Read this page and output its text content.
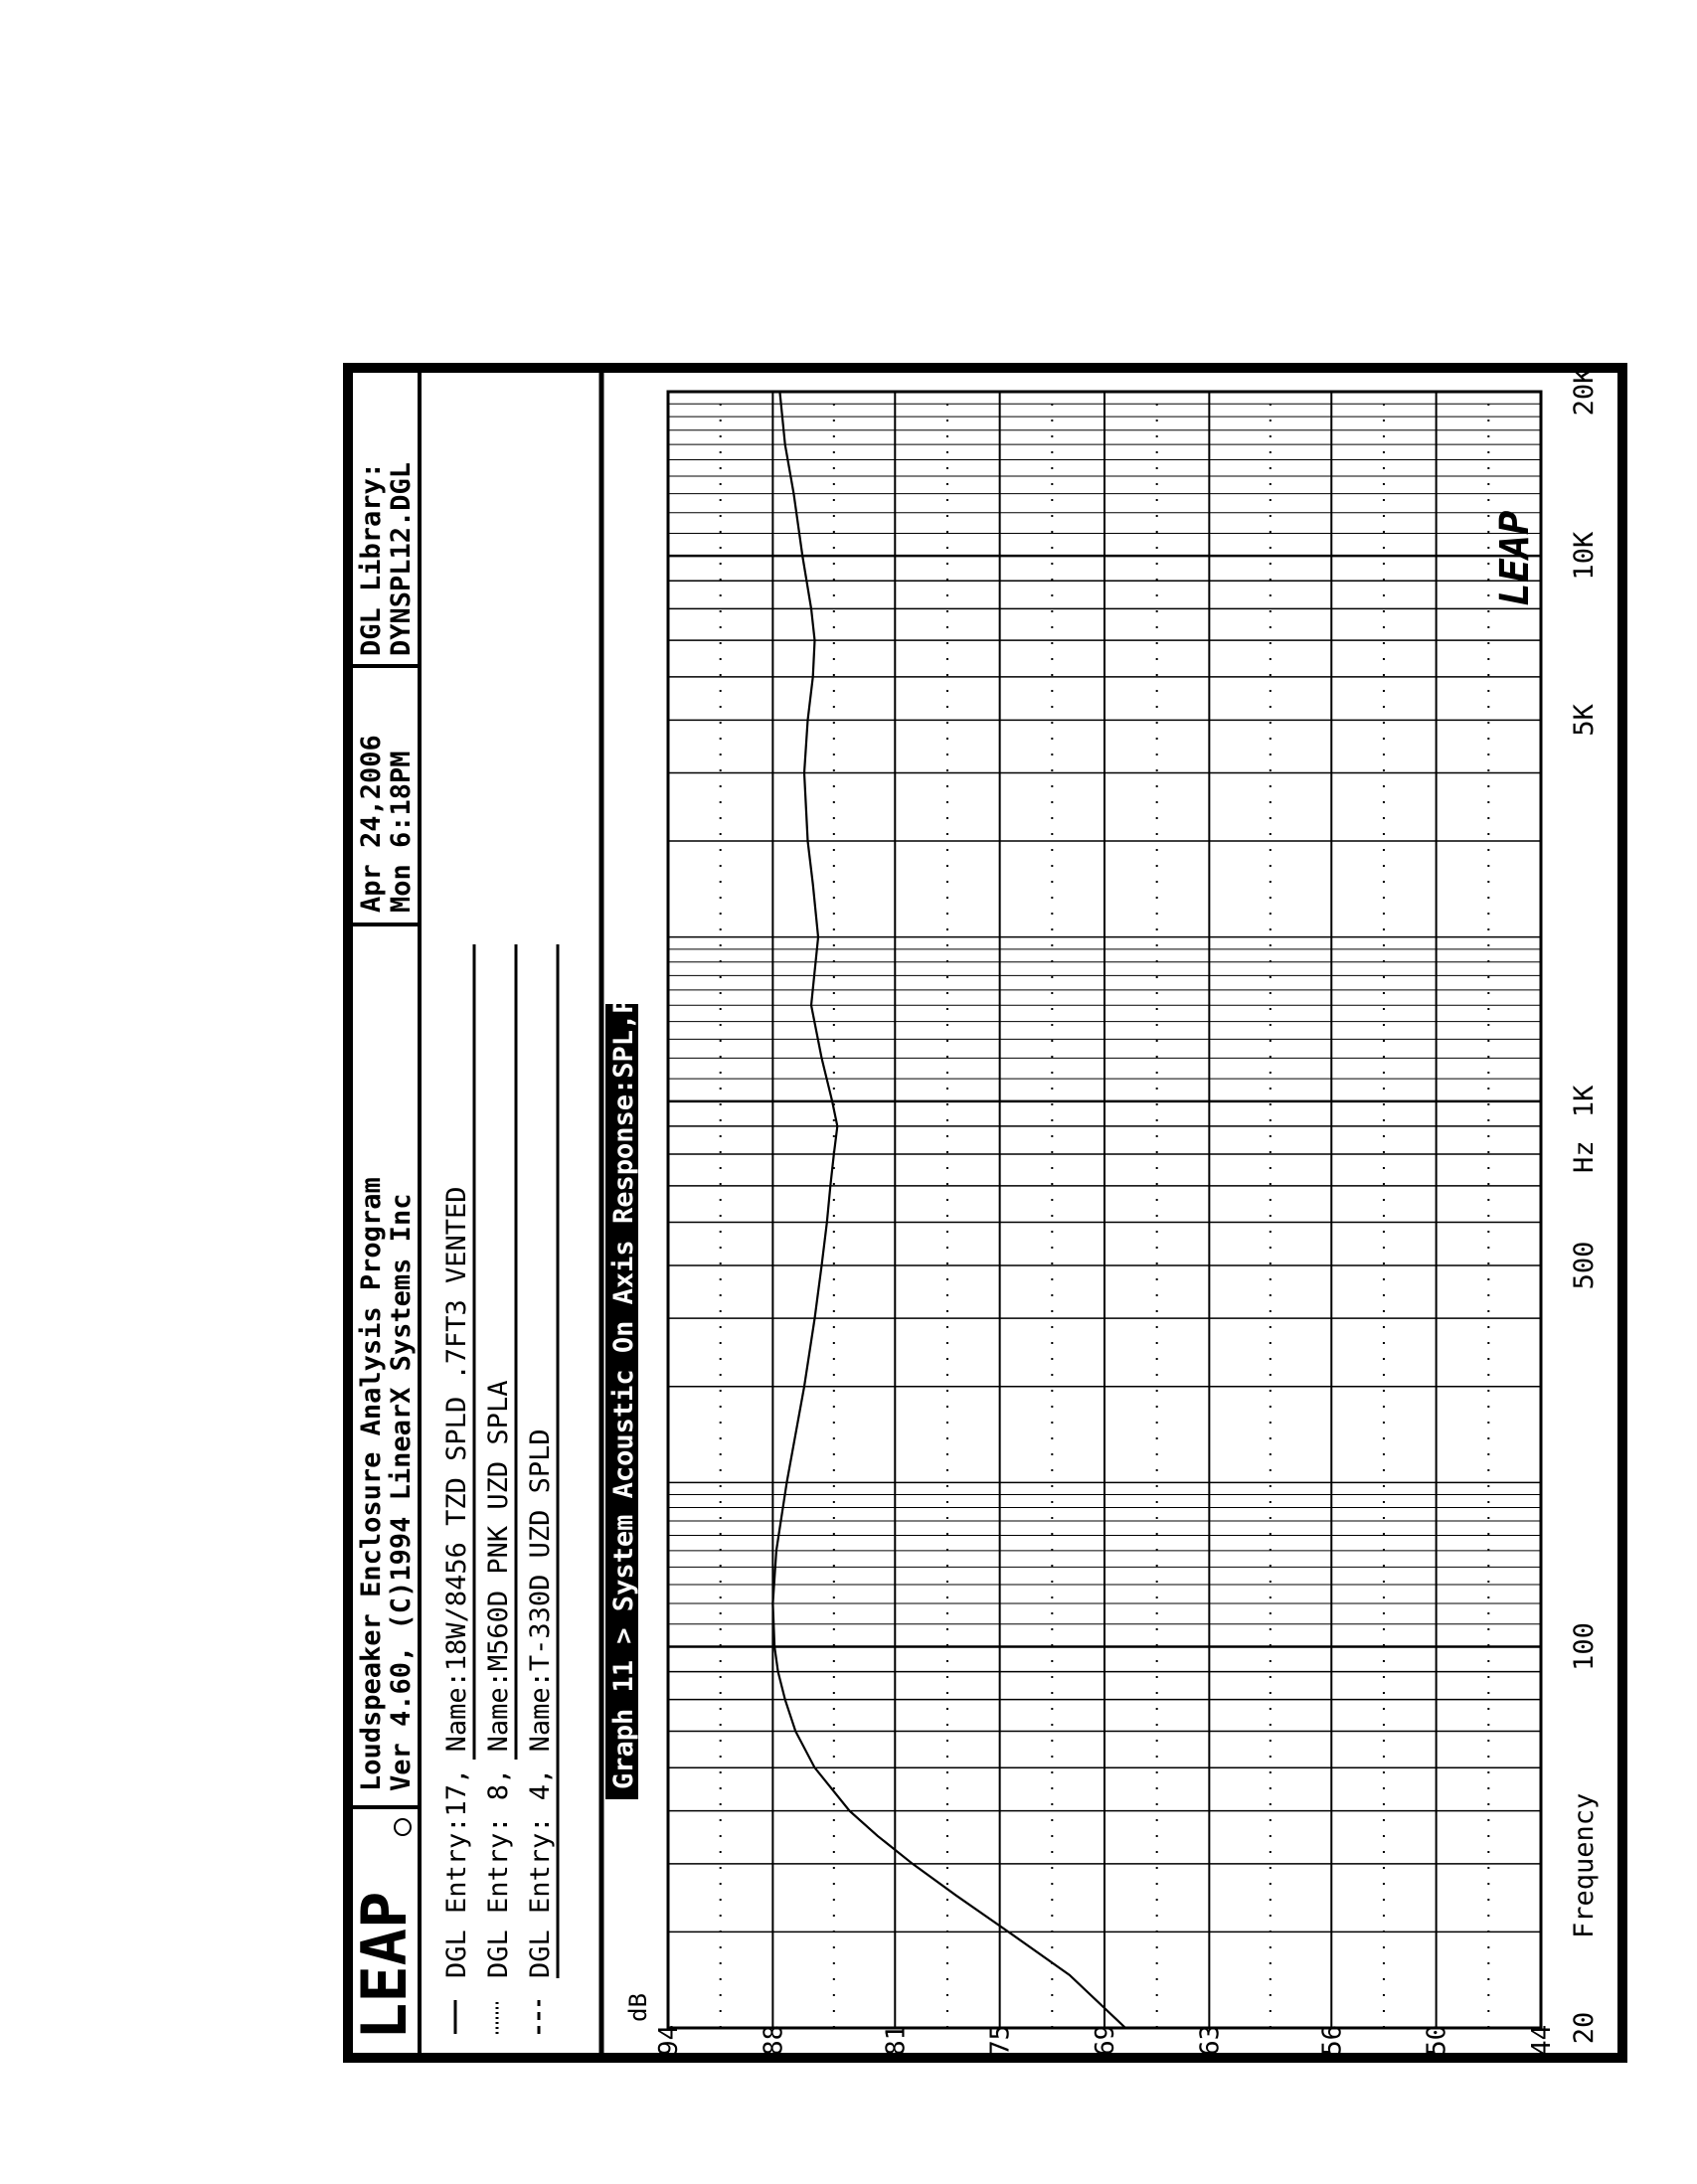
LEAP
Loudspeaker Enclosure Analysis Program Ver 4.60, (C)1994 LinearX Systems Inc
Apr 24,2006 Mon 6:18PM
DGL Library: DYNSPL12.DGL
DGL Entry:17, Name:18W/8456 TZD SPLD .7FT3 VENTED DGL Entry: 8, Name:M560D PNK UZD SPLA DGL Entry: 4, Name:T-330D UZD SPLD Graph 11 > System Acoustic On Axis Response:SPL,Phase
dB
94	88	81	75	69	63	56	50	44 20
100
500
1K
5K
10K
20K
Frequency
Hz
LEAP
